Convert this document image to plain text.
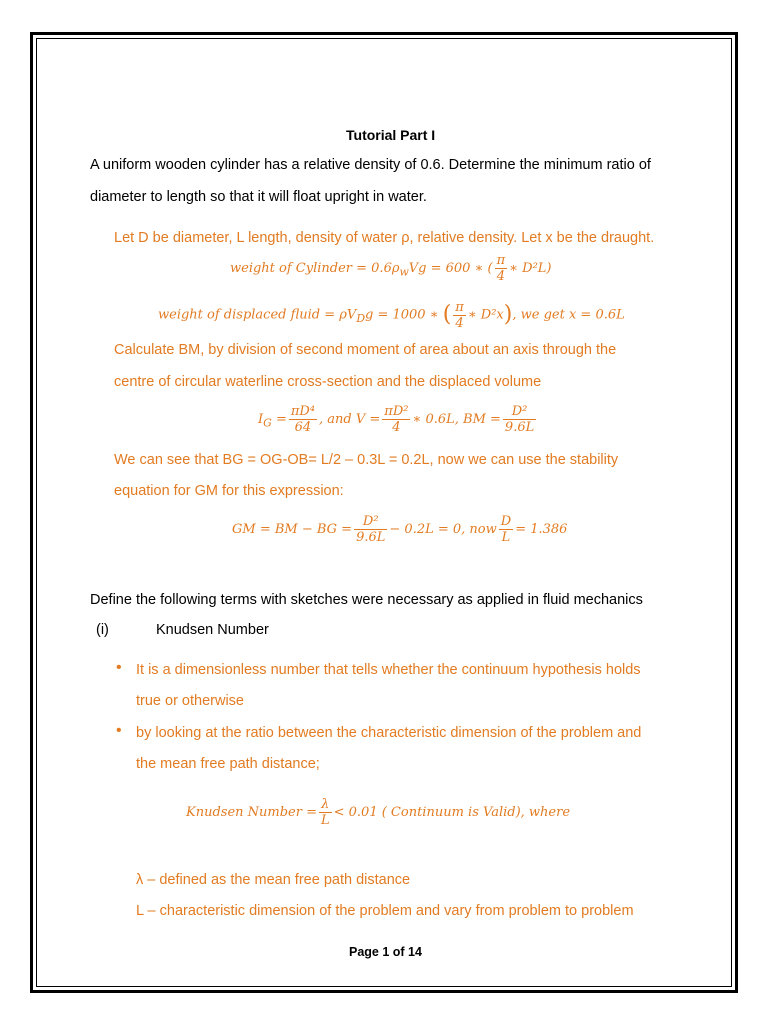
Tutorial Part I
A uniform wooden cylinder has a relative density of 0.6. Determine the minimum ratio of
diameter to length so that it will float upright in water.
Let D be diameter, L length, density of water ρ, relative density. Let x be the draught.
weight of Cylinder = $0.6\rho_wVg = 600$ ∗ ( $\frac{\pi}{4}$ ∗ D²L)
weight of displaced fluid = $\rho V_Dg = 1000$ ∗ ( $\frac{\pi}{4}$ ∗ D²x), we get x = 0.6L
Calculate BM, by division of second moment of area about an axis through the
centre of circular waterline cross-section and the displaced volume
$I_G = \frac{\text{πD⁴}}{64}$ , and $V = \frac{\text{πD²}}{4}$ ∗ 0.6L, BM = $\frac{\text{D²}}{9.6L}$
We can see that BG = OG-OB= L/2 – 0.3L = 0.2L, now we can use the stability
equation for GM for this expression:
GM = BM − BG = $\frac{\text{D²}}{9.6L} - 0.2L = 0$, now $\frac{D}{L} = 1.386$
Define the following terms with sketches were necessary as applied in fluid mechanics
(i)	Knudsen Number
• It is a dimensionless number that tells whether the continuum hypothesis holds
true or otherwise
• by looking at the ratio between the characteristic dimension of the problem and
the mean free path distance;
Knudsen Number = $\frac{\lambda}{L} < 0.01$ ( Continuum is Valid), where
λ – defined as the mean free path distance
L – characteristic dimension of the problem and vary from problem to problem
Page 1 of 14
